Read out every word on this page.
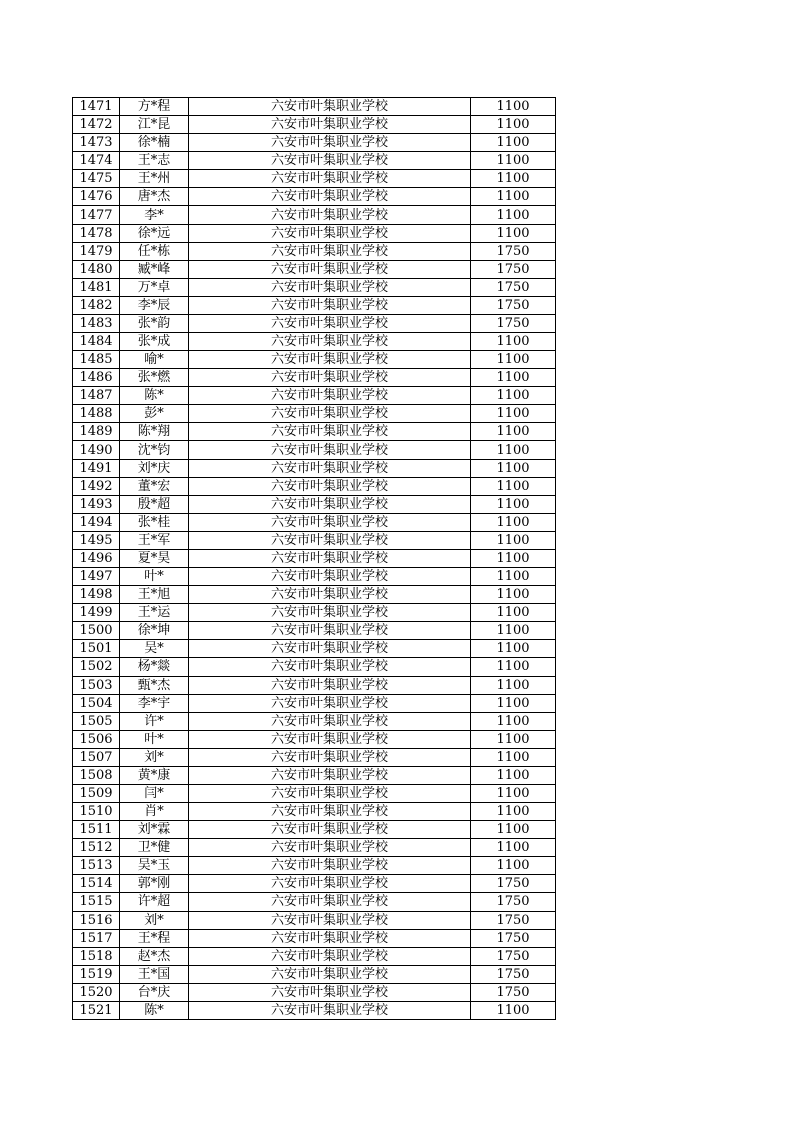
1471	方*程	六安市叶集职业学校	1100
1472	江*昆	六安市叶集职业学校	1100
1473	徐*楠	六安市叶集职业学校	1100
1474	王*志	六安市叶集职业学校	1100
1475	王*州	六安市叶集职业学校	1100
1476	唐*杰	六安市叶集职业学校	1100
1477	李*	六安市叶集职业学校	1100
1478	徐*远	六安市叶集职业学校	1100
1479	任*栋	六安市叶集职业学校	1750
1480	臧*峰	六安市叶集职业学校	1750
1481	万*卓	六安市叶集职业学校	1750
1482	李*辰	六安市叶集职业学校	1750
1483	张*韵	六安市叶集职业学校	1750
1484	张*成	六安市叶集职业学校	1100
1485	喻*	六安市叶集职业学校	1100
1486	张*燃	六安市叶集职业学校	1100
1487	陈*	六安市叶集职业学校	1100
1488	彭*	六安市叶集职业学校	1100
1489	陈*翔	六安市叶集职业学校	1100
1490	沈*钧	六安市叶集职业学校	1100
1491	刘*庆	六安市叶集职业学校	1100
1492	董*宏	六安市叶集职业学校	1100
1493	殷*超	六安市叶集职业学校	1100
1494	张*桂	六安市叶集职业学校	1100
1495	王*军	六安市叶集职业学校	1100
1496	夏*昊	六安市叶集职业学校	1100
1497	叶*	六安市叶集职业学校	1100
1498	王*旭	六安市叶集职业学校	1100
1499	王*运	六安市叶集职业学校	1100
1500	徐*坤	六安市叶集职业学校	1100
1501	吴*	六安市叶集职业学校	1100
1502	杨*燚	六安市叶集职业学校	1100
1503	甄*杰	六安市叶集职业学校	1100
1504	李*宇	六安市叶集职业学校	1100
1505	许*	六安市叶集职业学校	1100
1506	叶*	六安市叶集职业学校	1100
1507	刘*	六安市叶集职业学校	1100
1508	黄*康	六安市叶集职业学校	1100
1509	闫*	六安市叶集职业学校	1100
1510	肖*	六安市叶集职业学校	1100
1511	刘*霖	六安市叶集职业学校	1100
1512	卫*健	六安市叶集职业学校	1100
1513	吴*玉	六安市叶集职业学校	1100
1514	郭*刚	六安市叶集职业学校	1750
1515	许*超	六安市叶集职业学校	1750
1516	刘*	六安市叶集职业学校	1750
1517	王*程	六安市叶集职业学校	1750
1518	赵*杰	六安市叶集职业学校	1750
1519	王*国	六安市叶集职业学校	1750
1520	台*庆	六安市叶集职业学校	1750
1521	陈*	六安市叶集职业学校	1100
